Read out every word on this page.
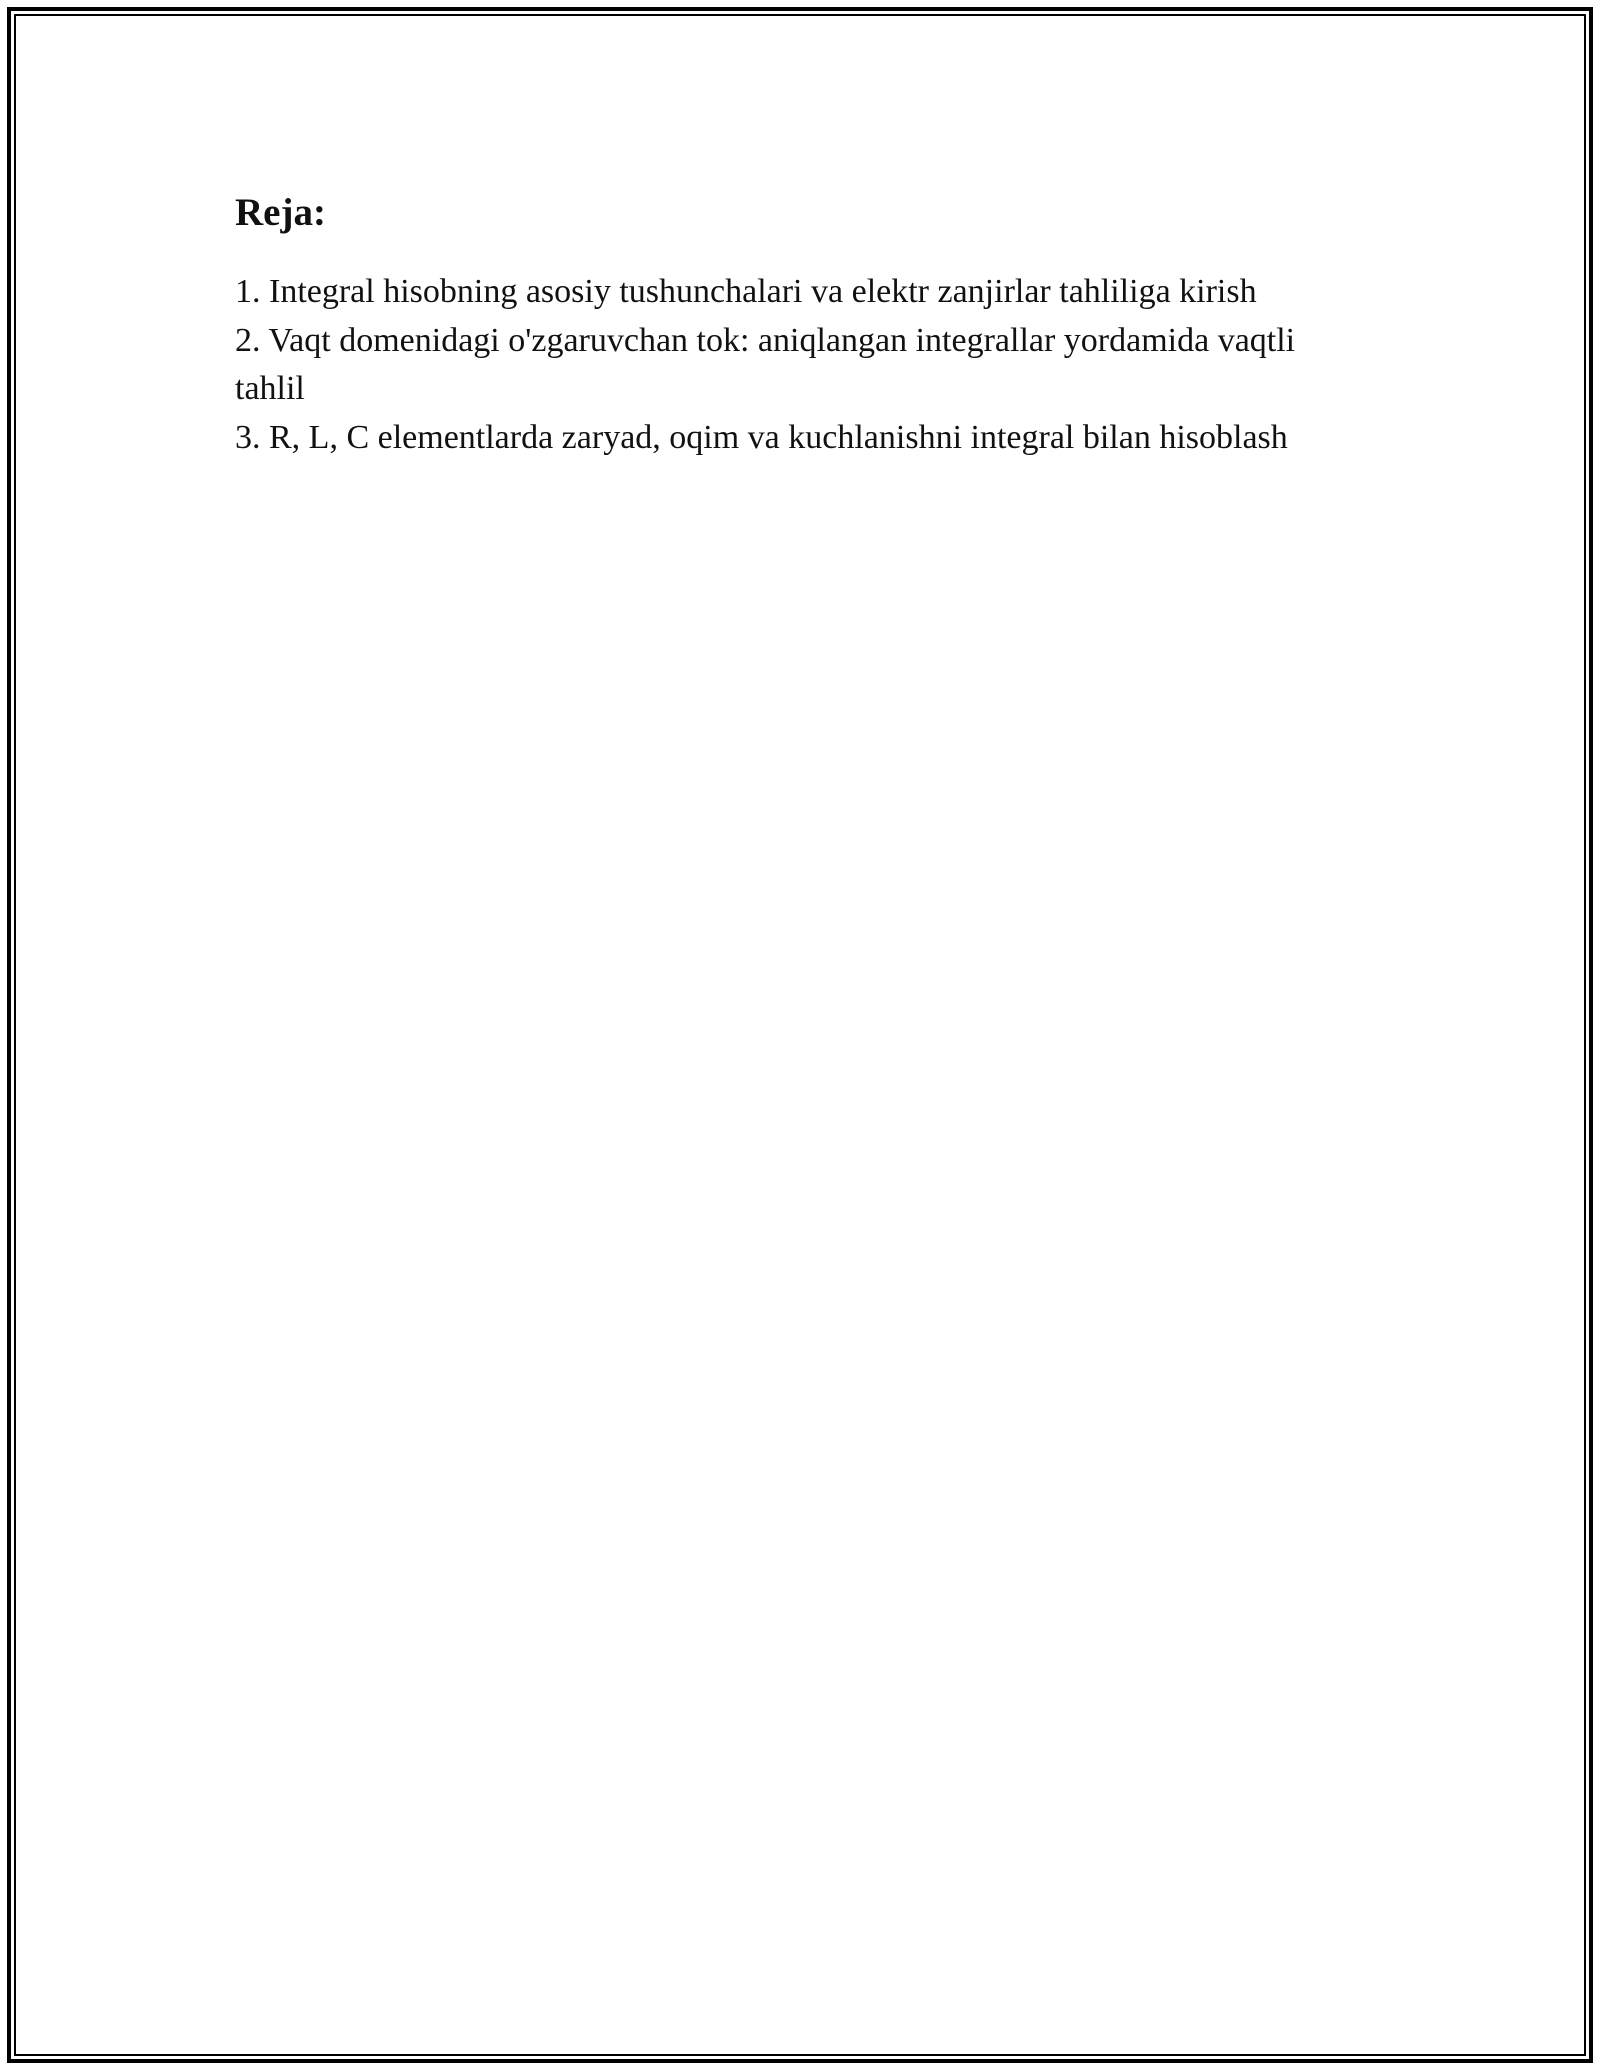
Reja:
1. Integral hisobning asosiy tushunchalari va elektr zanjirlar tahliliga kirish
2. Vaqt domenidagi o'zgaruvchan tok: aniqlangan integrallar yordamida vaqtli tahlil
3. R, L, C elementlarda zaryad, oqim va kuchlanishni integral bilan hisoblash
